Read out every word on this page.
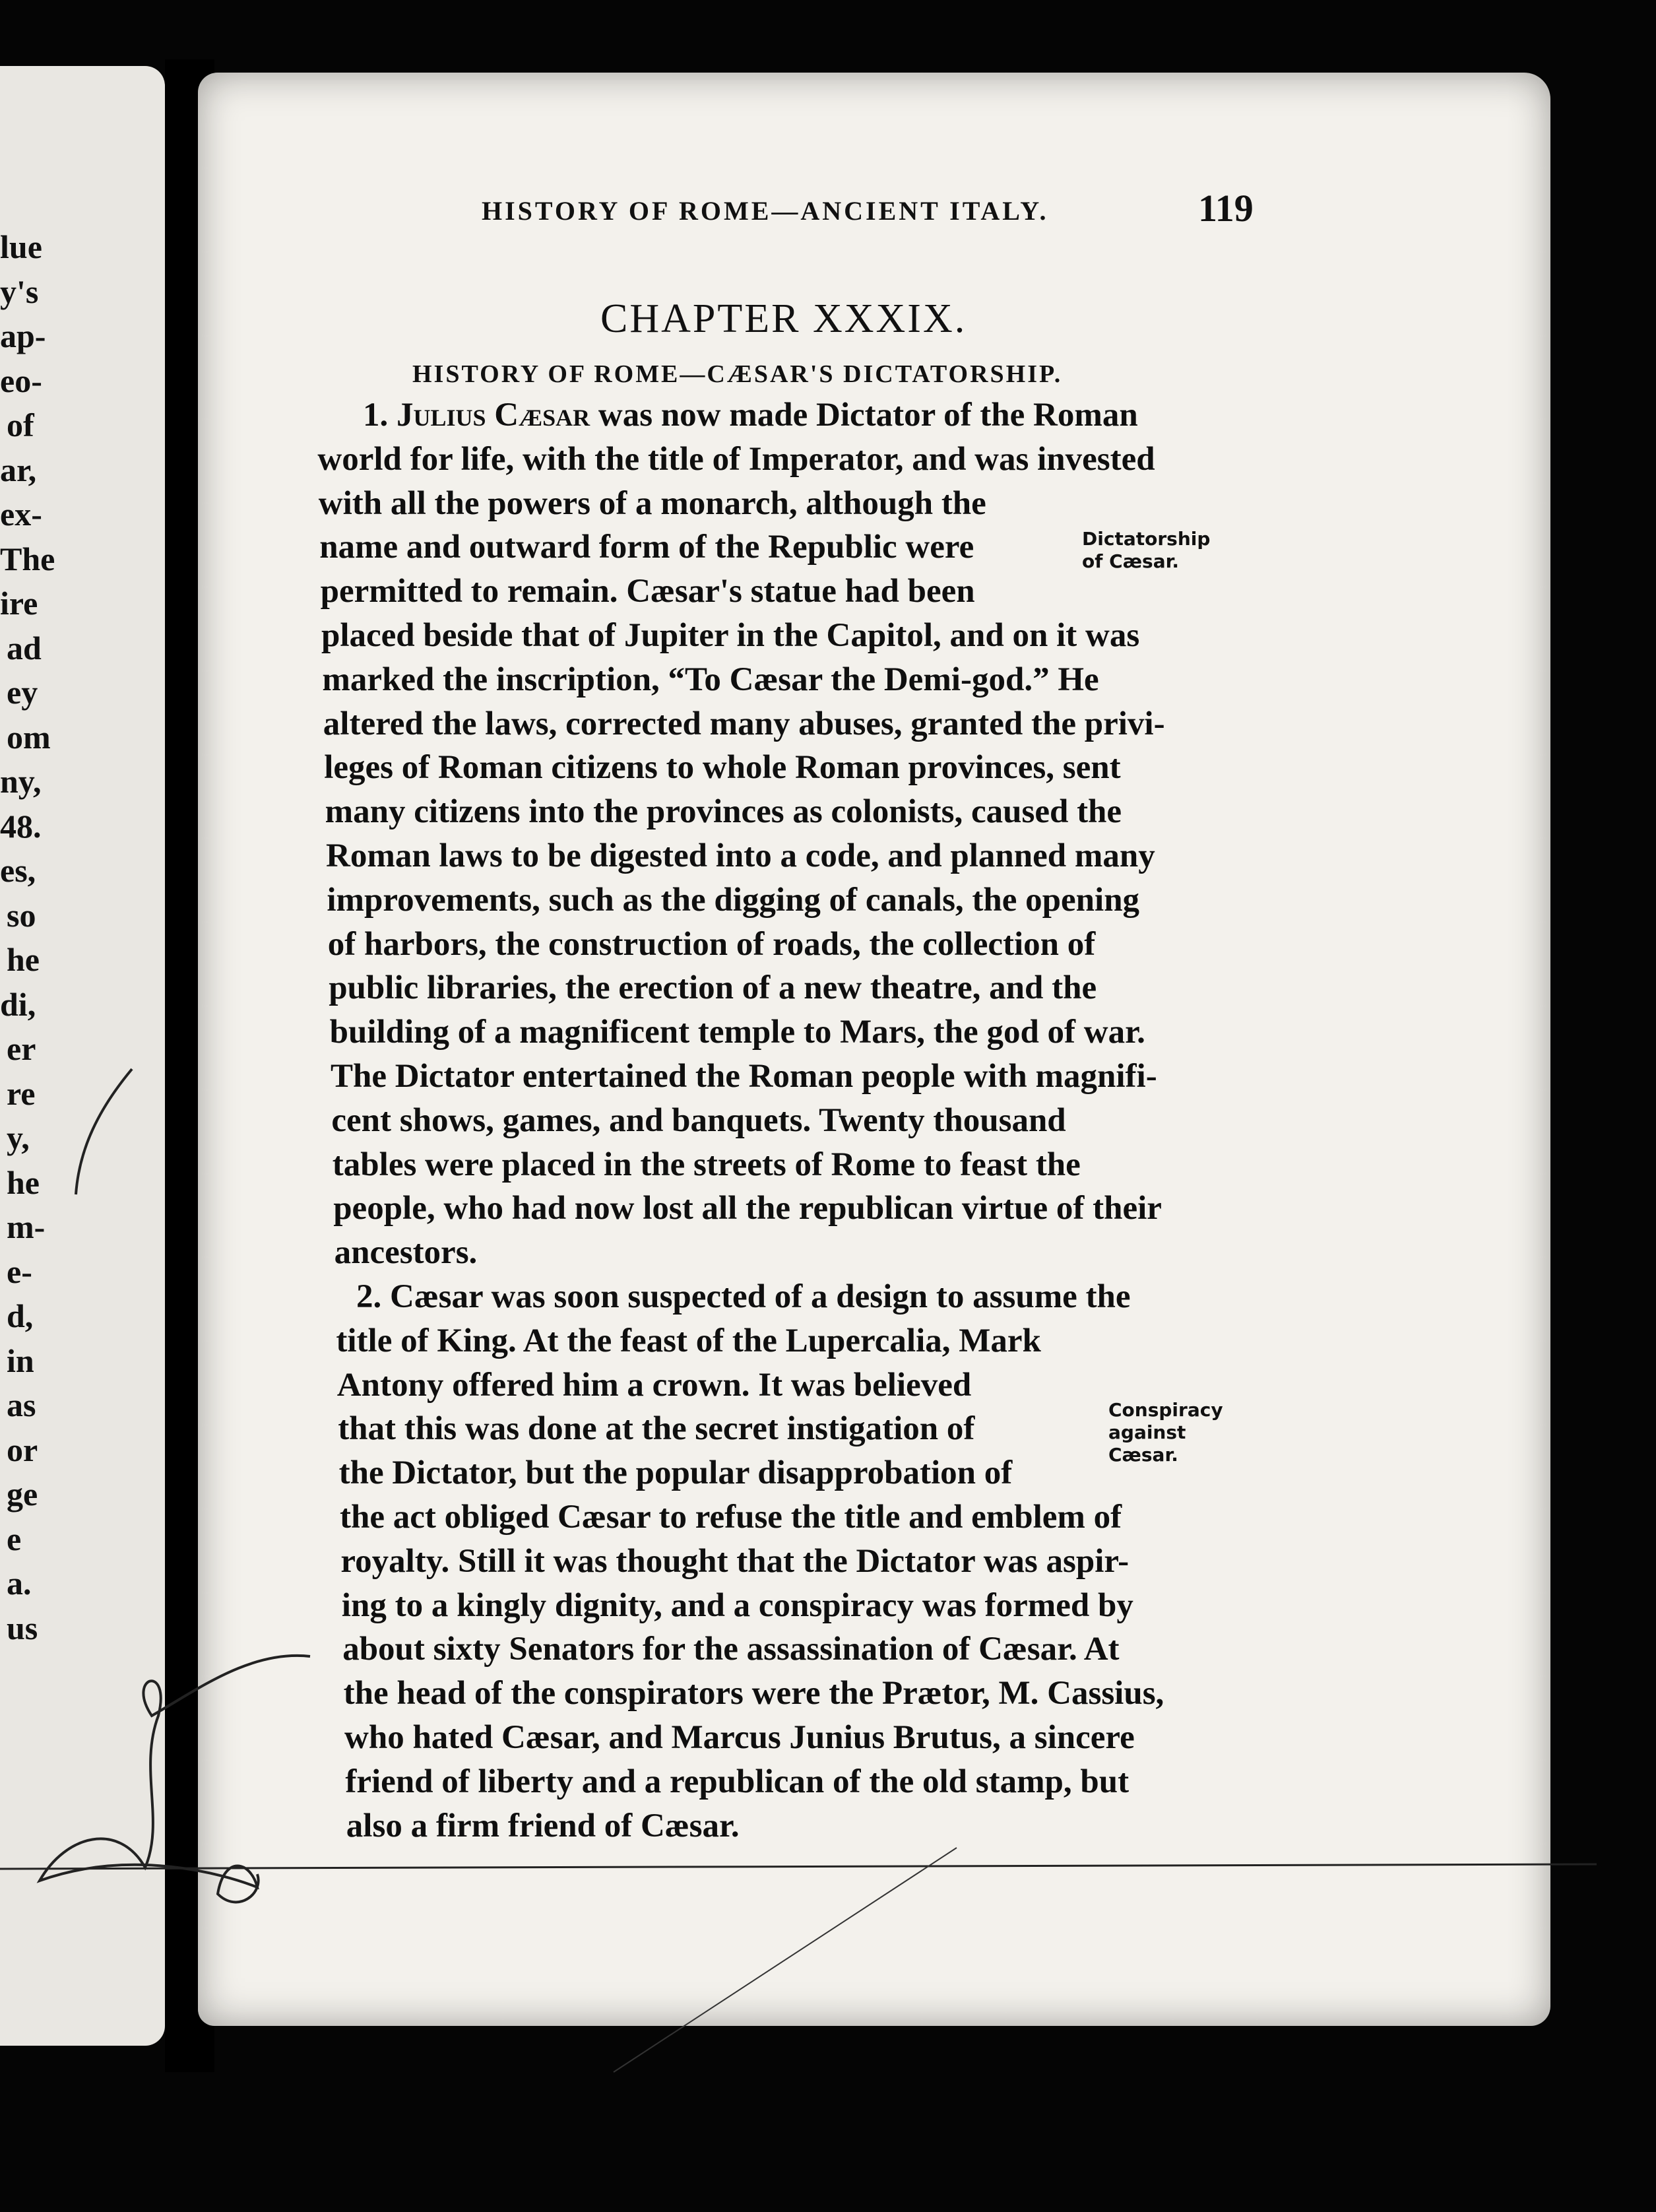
lue
y's
ap-
eo-
of
ar,
ex-
The
ire
ad
ey
om
ny,
48.
es,
so
he
di,
er
re
y,
he
m-
e-
d,
in
as
or
ge
e
a.
us
HISTORY OF ROME—ANCIENT ITALY.	119
CHAPTER XXXIX.
HISTORY OF ROME—CÆSAR'S DICTATORSHIP.
1. Julius Cæsar was now made Dictator of the Roman
world for life, with the title of Imperator, and was invested
with all the powers of a monarch, although the
name and outward form of the Republic were
permitted to remain. Cæsar's statue had been
placed beside that of Jupiter in the Capitol, and on it was
marked the inscription, “To Cæsar the Demi-god.” He
altered the laws, corrected many abuses, granted the privi-
leges of Roman citizens to whole Roman provinces, sent
many citizens into the provinces as colonists, caused the
Roman laws to be digested into a code, and planned many
improvements, such as the digging of canals, the opening
of harbors, the construction of roads, the collection of
public libraries, the erection of a new theatre, and the
building of a magnificent temple to Mars, the god of war.
The Dictator entertained the Roman people with magnifi-
cent shows, games, and banquets. Twenty thousand
tables were placed in the streets of Rome to feast the
people, who had now lost all the republican virtue of their
ancestors.
2. Cæsar was soon suspected of a design to assume the
title of King. At the feast of the Lupercalia, Mark
Antony offered him a crown. It was believed
that this was done at the secret instigation of
the Dictator, but the popular disapprobation of
the act obliged Cæsar to refuse the title and emblem of
royalty. Still it was thought that the Dictator was aspir-
ing to a kingly dignity, and a conspiracy was formed by
about sixty Senators for the assassination of Cæsar. At
the head of the conspirators were the Prætor, M. Cassius,
who hated Cæsar, and Marcus Junius Brutus, a sincere
friend of liberty and a republican of the old stamp, but
also a firm friend of Cæsar.
Dictatorship
of Cæsar.
Conspiracy
against
Cæsar.
